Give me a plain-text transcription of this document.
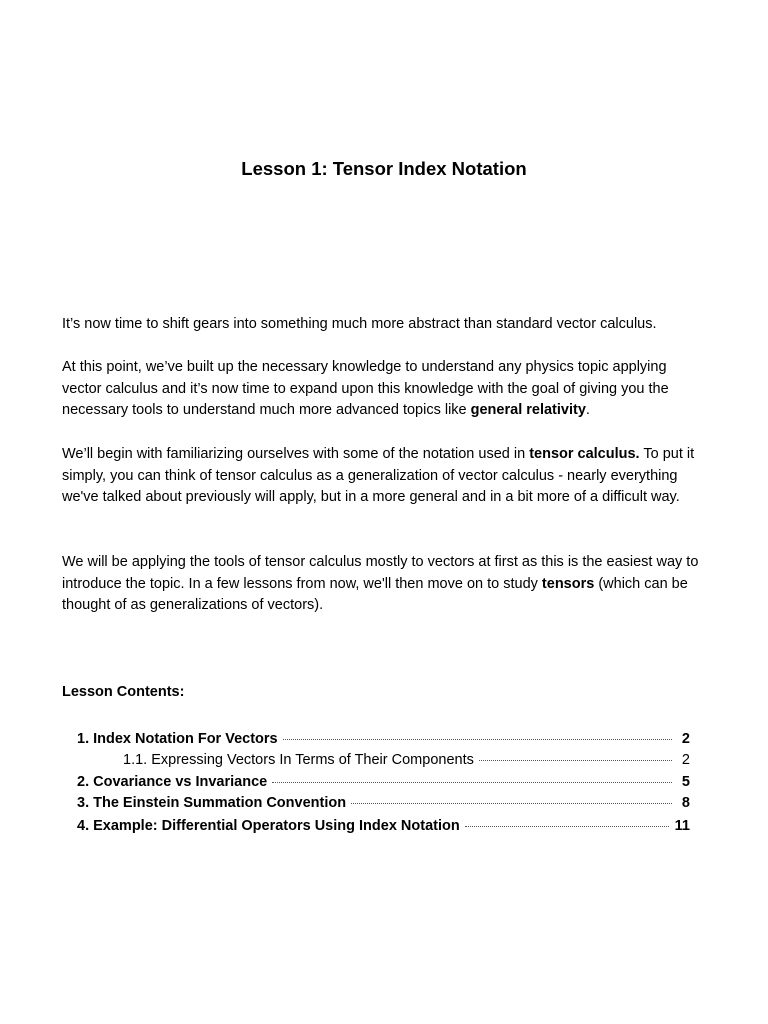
Lesson 1: Tensor Index Notation

It’s now time to shift gears into something much more abstract than standard vector calculus.

At this point, we’ve built up the necessary knowledge to understand any physics topic applying vector calculus and it’s now time to expand upon this knowledge with the goal of giving you the necessary tools to understand much more advanced topics like general relativity.

We’ll begin with familiarizing ourselves with some of the notation used in tensor calculus. To put it simply, you can think of tensor calculus as a generalization of vector calculus - nearly everything we've talked about previously will apply, but in a more general and in a bit more of a difficult way.

We will be applying the tools of tensor calculus mostly to vectors at first as this is the easiest way to introduce the topic. In a few lessons from now, we'll then move on to study tensors (which can be thought of as generalizations of vectors).

Lesson Contents:
1. Index Notation For Vectors	2
1.1. Expressing Vectors In Terms of Their Components	2
2. Covariance vs Invariance	5
3. The Einstein Summation Convention	8
4. Example: Differential Operators Using Index Notation	11
